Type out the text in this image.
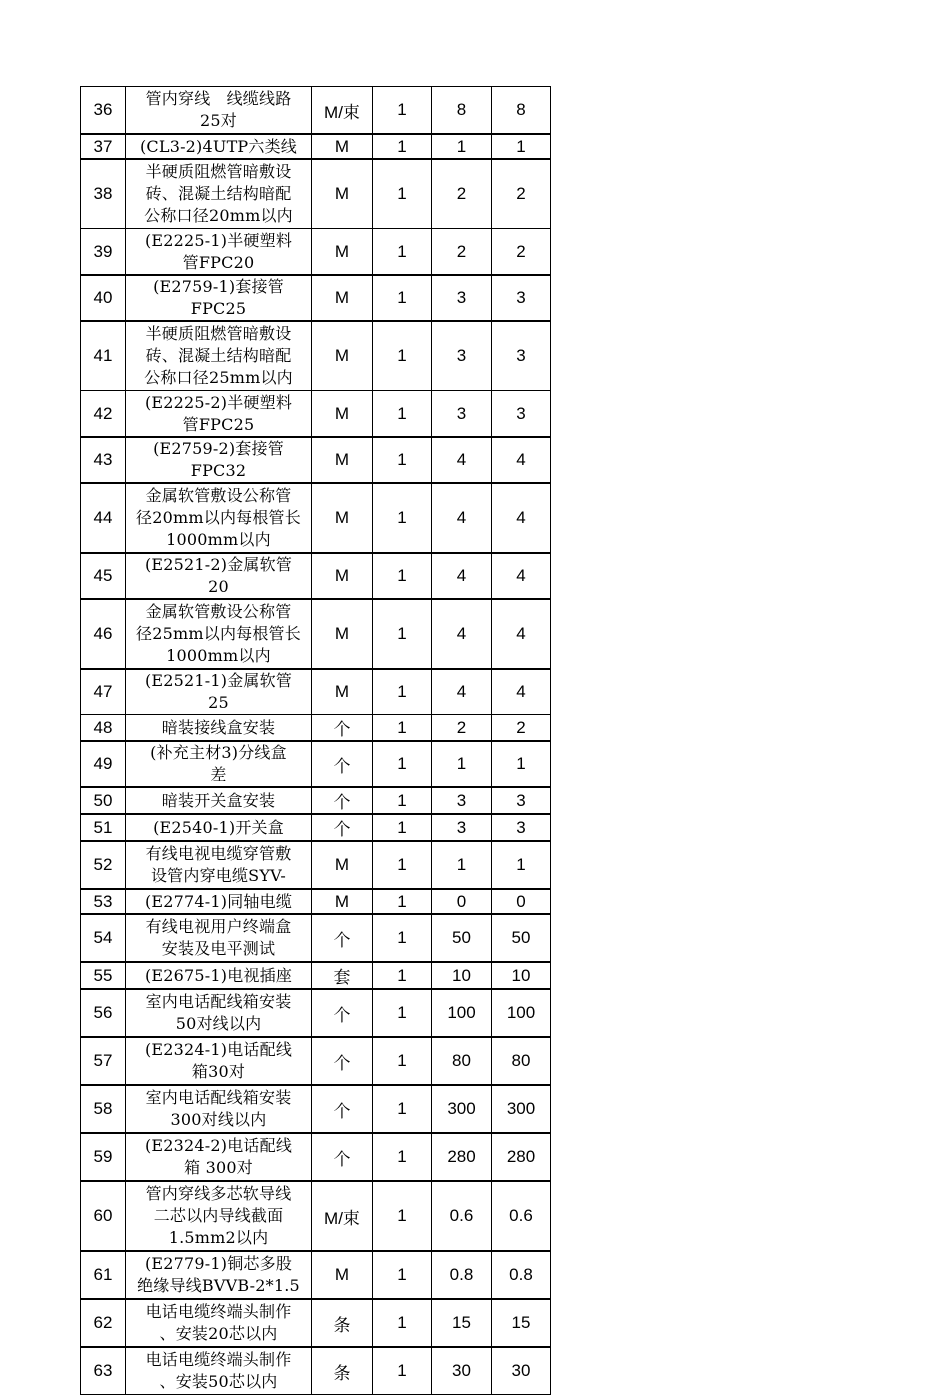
36	管内穿线　线缆线路
25对	M/束	1	8	8
37	(CL3-2)4UTP六类线	M	1	1	1
38	半硬质阻燃管暗敷设
砖、混凝土结构暗配
公称口径20mm以内	M	1	2	2
39	(E2225-1)半硬塑料
管FPC20	M	1	2	2
40	(E2759-1)套接管
FPC25	M	1	3	3
41	半硬质阻燃管暗敷设
砖、混凝土结构暗配
公称口径25mm以内	M	1	3	3
42	(E2225-2)半硬塑料
管FPC25	M	1	3	3
43	(E2759-2)套接管
FPC32	M	1	4	4
44	金属软管敷设公称管
径20mm以内每根管长
1000mm以内	M	1	4	4
45	(E2521-2)金属软管
20	M	1	4	4
46	金属软管敷设公称管
径25mm以内每根管长
1000mm以内	M	1	4	4
47	(E2521-1)金属软管
25	M	1	4	4
48	暗装接线盒安装	个	1	2	2
49	(补充主材3)分线盒
差	个	1	1	1
50	暗装开关盒安装	个	1	3	3
51	(E2540-1)开关盒	个	1	3	3
52	有线电视电缆穿管敷
设管内穿电缆SYV-	M	1	1	1
53	(E2774-1)同轴电缆	M	1	0	0
54	有线电视用户终端盒
安装及电平测试	个	1	50	50
55	(E2675-1)电视插座	套	1	10	10
56	室内电话配线箱安装
50对线以内	个	1	100	100
57	(E2324-1)电话配线
箱30对	个	1	80	80
58	室内电话配线箱安装
300对线以内	个	1	300	300
59	(E2324-2)电话配线
箱 300对	个	1	280	280
60	管内穿线多芯软导线
二芯以内导线截面
1.5mm2以内	M/束	1	0.6	0.6
61	(E2779-1)铜芯多股
绝缘导线BVVB-2*1.5	M	1	0.8	0.8
62	电话电缆终端头制作
、安装20芯以内	条	1	15	15
63	电话电缆终端头制作
、安装50芯以内	条	1	30	30
